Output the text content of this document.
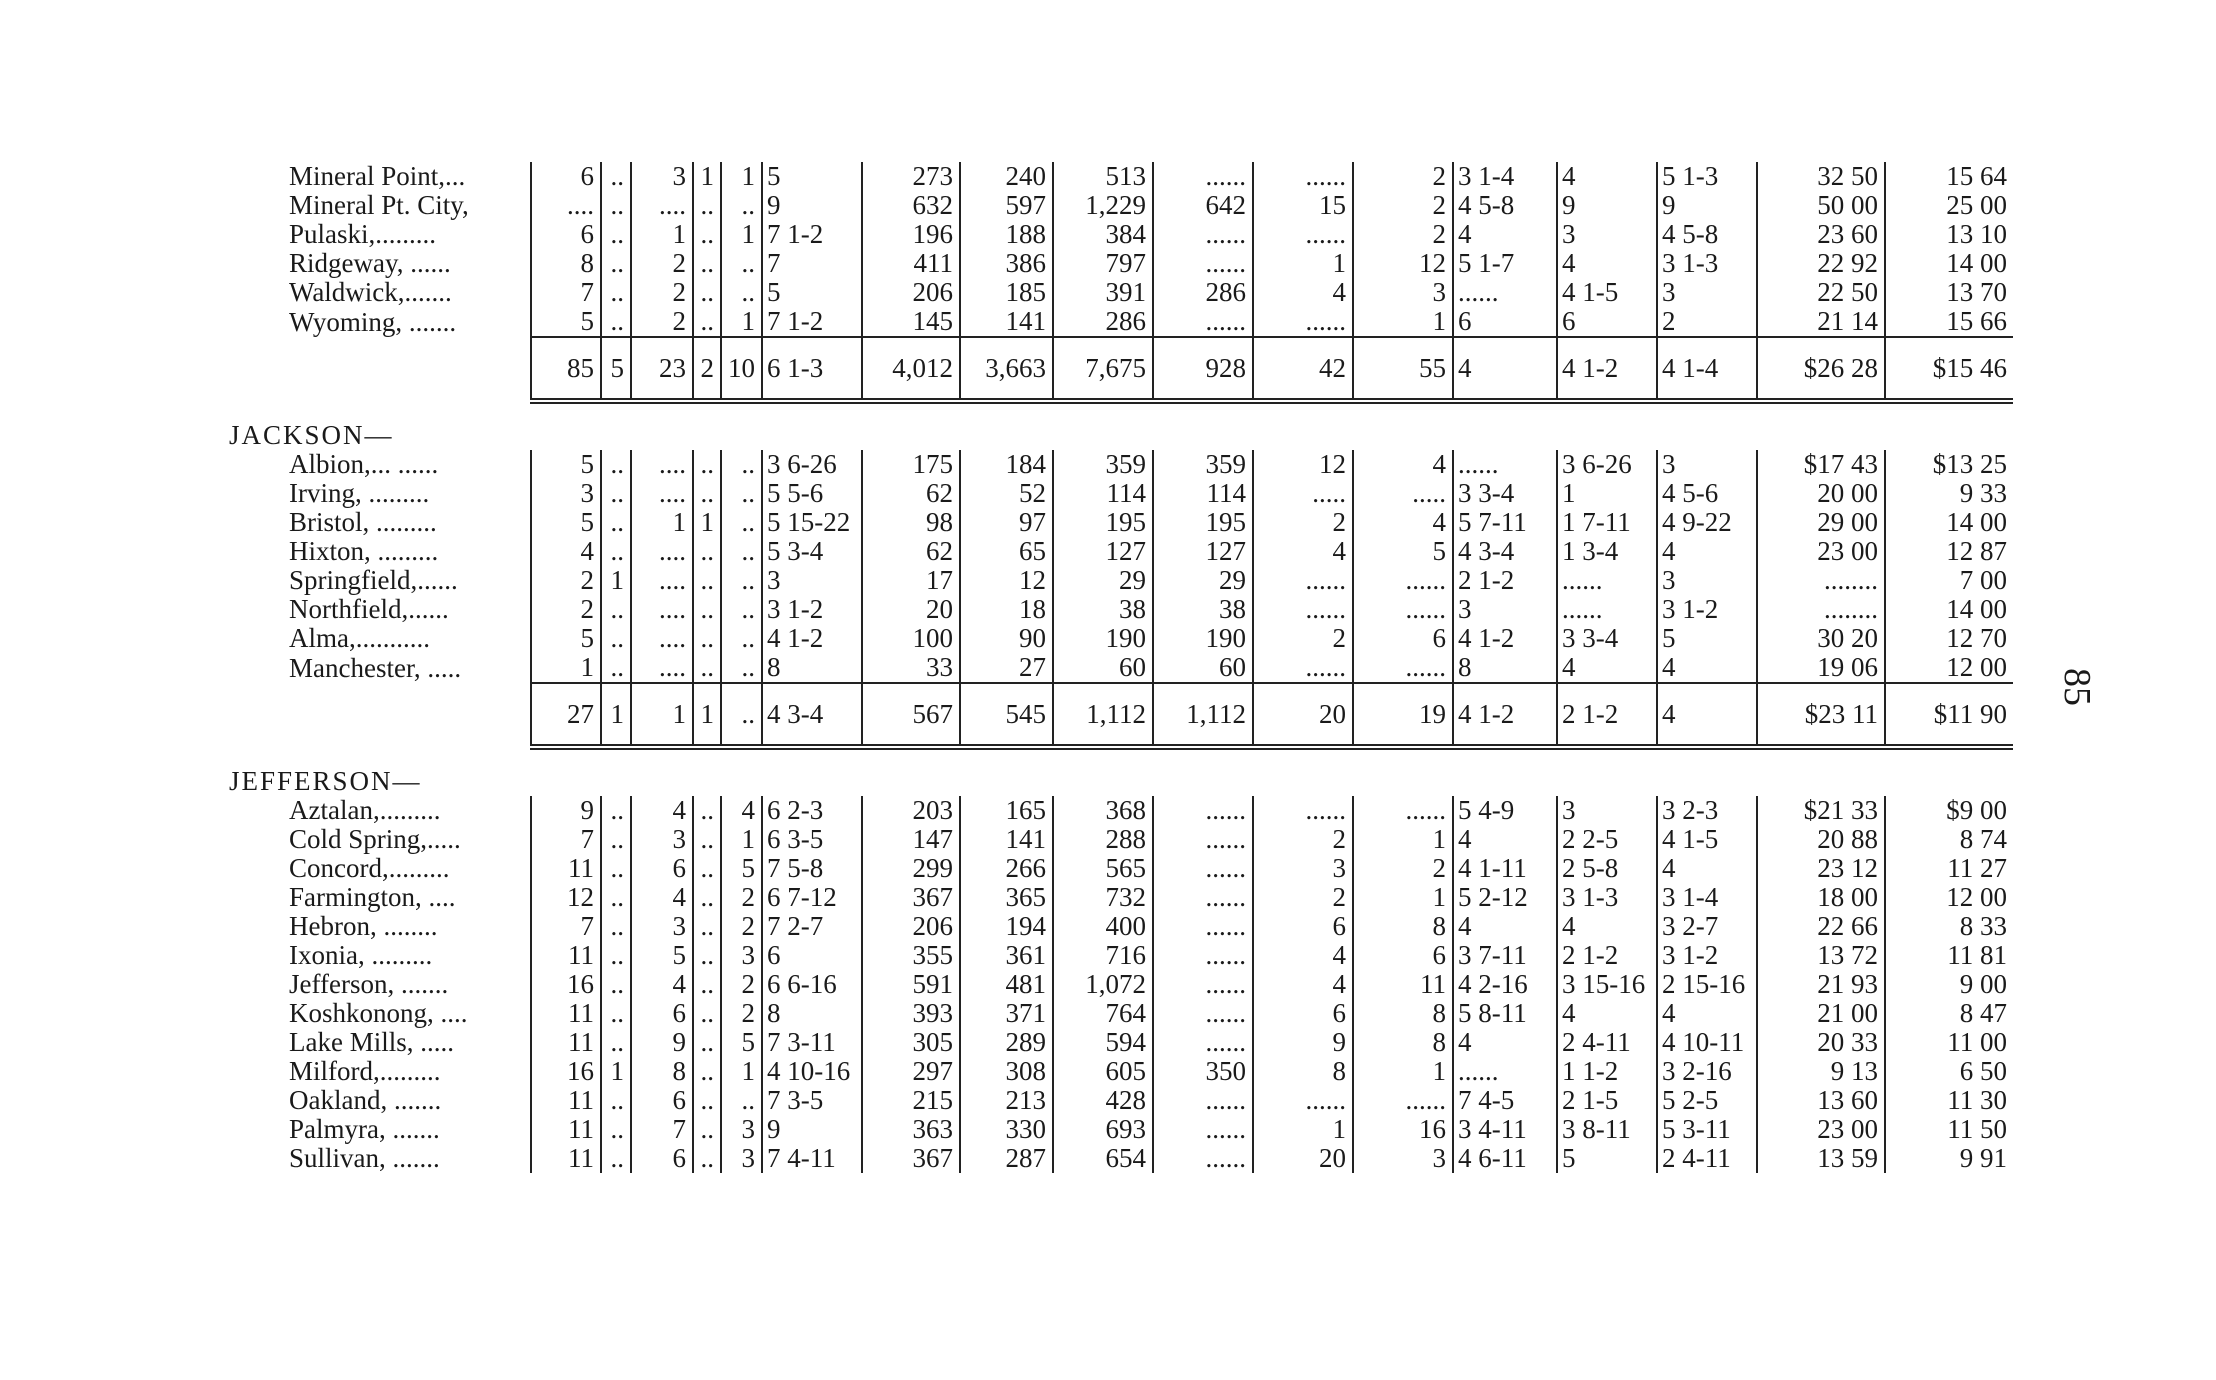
Mineral Point,...	6	..	3	1	1	5	273	240	513	......	......	2	3 1-4	4	5 1-3	32 50	15 64
Mineral Pt. City,	....	..	....	..	..	9	632	597	1,229	642	15	2	4 5-8	9	9	50 00	25 00
Pulaski,.........	6	..	1	..	1	7 1-2	196	188	384	......	......	2	4	3	4 5-8	23 60	13 10
Ridgeway, ......	8	..	2	..	..	7	411	386	797	......	1	12	5 1-7	4	3 1-3	22 92	14 00
Waldwick,.......	7	..	2	..	..	5	206	185	391	286	4	3	......	4 1-5	3	22 50	13 70
Wyoming, .......	5	..	2	..	1	7 1-2	145	141	286	......	......	1	6	6	2	21 14	15 66
	85	5	23	2	10	6 1-3	4,012	3,663	7,675	928	42	55	4	4 1-2	4 1-4	$26 28	$15 46
JACKSON—																	
Albion,... ......	5	..	....	..	..	3 6-26	175	184	359	359	12	4	......	3 6-26	3	$17 43	$13 25
Irving, .........	3	..	....	..	..	5 5-6	62	52	114	114	.....	.....	3 3-4	1	4 5-6	20 00	9 33
Bristol, .........	5	..	1	1	..	5 15-22	98	97	195	195	2	4	5 7-11	1 7-11	4 9-22	29 00	14 00
Hixton, .........	4	..	....	..	..	5 3-4	62	65	127	127	4	5	4 3-4	1 3-4	4	23 00	12 87
Springfield,......	2	1	....	..	..	3	17	12	29	29	......	......	2 1-2	......	3	........	7 00
Northfield,......	2	..	....	..	..	3 1-2	20	18	38	38	......	......	3	......	3 1-2	........	14 00
Alma,...........	5	..	....	..	..	4 1-2	100	90	190	190	2	6	4 1-2	3 3-4	5	30 20	12 70
Manchester, .....	1	..	....	..	..	8	33	27	60	60	......	......	8	4	4	19 06	12 00
	27	1	1	1	..	4 3-4	567	545	1,112	1,112	20	19	4 1-2	2 1-2	4	$23 11	$11 90
JEFFERSON—																	
Aztalan,.........	9	..	4	..	4	6 2-3	203	165	368	......	......	......	5 4-9	3	3 2-3	$21 33	$9 00
Cold Spring,.....	7	..	3	..	1	6 3-5	147	141	288	......	2	1	4	2 2-5	4 1-5	20 88	8 74
Concord,.........	11	..	6	..	5	7 5-8	299	266	565	......	3	2	4 1-11	2 5-8	4	23 12	11 27
Farmington, ....	12	..	4	..	2	6 7-12	367	365	732	......	2	1	5 2-12	3 1-3	3 1-4	18 00	12 00
Hebron, ........	7	..	3	..	2	7 2-7	206	194	400	......	6	8	4	4	3 2-7	22 66	8 33
Ixonia, .........	11	..	5	..	3	6	355	361	716	......	4	6	3 7-11	2 1-2	3 1-2	13 72	11 81
Jefferson, .......	16	..	4	..	2	6 6-16	591	481	1,072	......	4	11	4 2-16	3 15-16	2 15-16	21 93	9 00
Koshkonong, ....	11	..	6	..	2	8	393	371	764	......	6	8	5 8-11	4	4	21 00	8 47
Lake Mills, .....	11	..	9	..	5	7 3-11	305	289	594	......	9	8	4	2 4-11	4 10-11	20 33	11 00
Milford,.........	16	1	8	..	1	4 10-16	297	308	605	350	8	1	......	1 1-2	3 2-16	9 13	6 50
Oakland, .......	11	..	6	..	..	7 3-5	215	213	428	......	......	......	7 4-5	2 1-5	5 2-5	13 60	11 30
Palmyra, .......	11	..	7	..	3	9	363	330	693	......	1	16	3 4-11	3 8-11	5 3-11	23 00	11 50
Sullivan, .......	11	..	6	..	3	7 4-11	367	287	654	......	20	3	4 6-11	5	2 4-11	13 59	9 91
85
